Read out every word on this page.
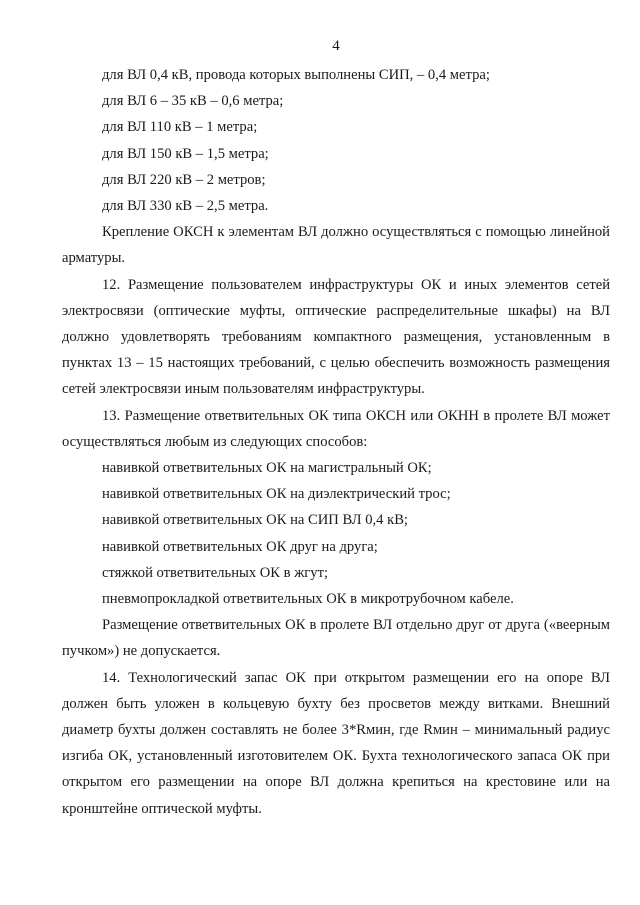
4

для ВЛ 0,4 кВ, провода которых выполнены СИП, – 0,4 метра;

для ВЛ 6 – 35 кВ – 0,6 метра;

для ВЛ 110 кВ – 1 метра;

для ВЛ 150 кВ – 1,5 метра;

для ВЛ 220 кВ – 2 метров;

для ВЛ 330 кВ – 2,5 метра.

Крепление ОКСН к элементам ВЛ должно осуществляться с помощью линейной арматуры.

12. Размещение пользователем инфраструктуры ОК и иных элементов сетей электросвязи (оптические муфты, оптические распределительные шкафы) на ВЛ должно удовлетворять требованиям компактного размещения, установленным в пунктах 13 – 15 настоящих требований, с целью обеспечить возможность размещения сетей электросвязи иным пользователям инфраструктуры.

13. Размещение ответвительных ОК типа ОКСН или ОКНН в пролете ВЛ может осуществляться любым из следующих способов:

навивкой ответвительных ОК на магистральный ОК;

навивкой ответвительных ОК на диэлектрический трос;

навивкой ответвительных ОК на СИП ВЛ 0,4 кВ;

навивкой ответвительных ОК друг на друга;

стяжкой ответвительных ОК в жгут;

пневмопрокладкой ответвительных ОК в микротрубочном кабеле.

Размещение ответвительных ОК в пролете ВЛ отдельно друг от друга («веерным пучком») не допускается.

14. Технологический запас ОК при открытом размещении его на опоре ВЛ должен быть уложен в кольцевую бухту без просветов между витками. Внешний диаметр бухты должен составлять не более 3*Rмин, где Rмин – минимальный радиус изгиба ОК, установленный изготовителем ОК. Бухта технологического запаса ОК при открытом его размещении на опоре ВЛ должна крепиться на крестовине или на кронштейне оптической муфты.
